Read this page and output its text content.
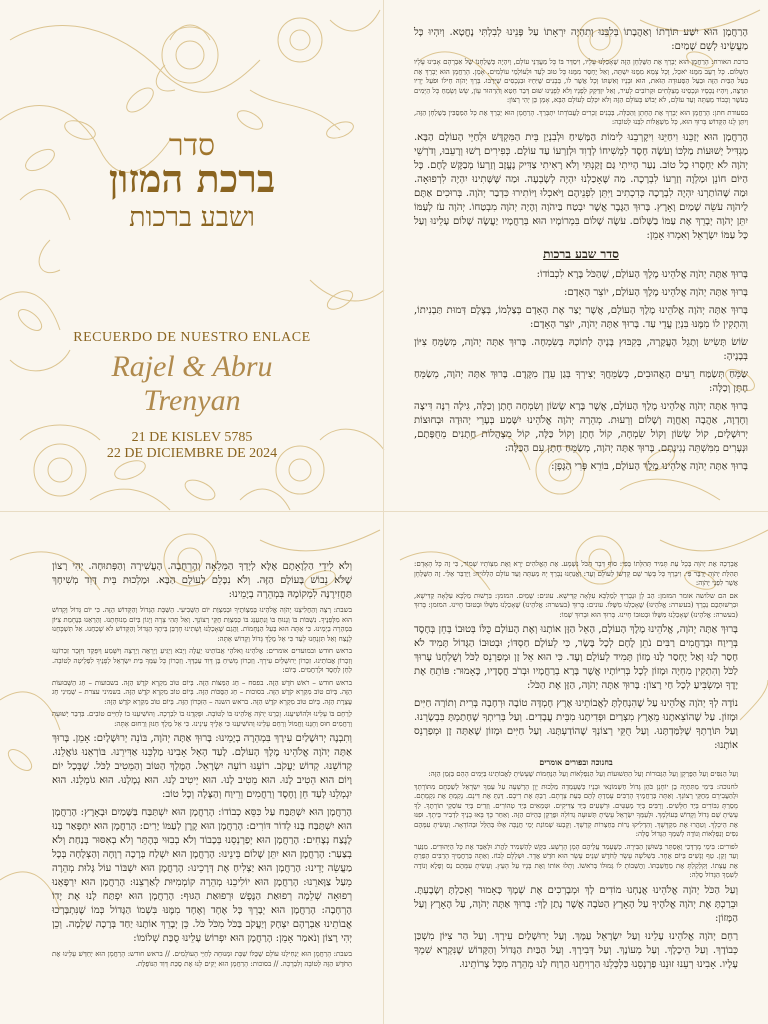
סדר
ברכת המזון
ושבע ברכות
RECUERDO DE NUESTRO ENLACE
Rajel & Abru
Trenyan
21 DE KISLEV 5785
22 DE DICIEMBRE DE 2024

הָרַחֲמָן הוּא יִשַּׁע תּוֹרָתוֹ וְאַהֲבָתוֹ בְּלִבֵּנוּ וְתִהְיֶה יִרְאָתוֹ עַל פָּנֵינוּ לְבִלְתִּי נֶחֱטָא. וְיִהְיוּ כָּל מַעֲשֵׂינוּ לְשֵׁם שָׁמַיִם:

ברכת האורח: הָרַחֲמָן הוּא יְבָרֵךְ אֶת הַשֻּׁלְחָן הַזֶּה שֶׁאָכַלְנוּ עָלָיו, וִיסַדֵּר בּוֹ כָּל מַעֲדַנֵּי עוֹלָם, וְיִהְיֶה כְּשֻׁלְחָנוֹ שֶׁל אַבְרָהָם אָבִינוּ עָלָיו הַשָּׁלוֹם. כָּל רָעֵב מִמֶּנּוּ יֹאכַל, וְכָל צָמֵא מִמֶּנּוּ יִשְׁתֶּה, וְאַל יֶחְסַר מִמֶּנּוּ כָּל טוּב לָעַד וּלְעוֹלְמֵי עוֹלָמִים. אָמֵן. הָרַחֲמָן הוּא יְבָרֵךְ אֶת בַּעַל הַבַּיִת הַזֶּה וּבַעַל הַסְּעוּדָה הַזֹּאת, הוּא וּבָנָיו וְאִשְׁתּוֹ וְכָל אֲשֶׁר לוֹ, בְּבָנִים שֶׁיִּחְיוּ וּבִנְכָסִים שֶׁיִּרְבּוּ. בָּרֵךְ יְהֹוָה חֵילוֹ וּפֹעַל יָדָיו תִּרְצֶה, וְיִהְיוּ נְכָסָיו וּנְכָסֵינוּ מֻצְלָחִים וּקְרוֹבִים לָעִיר, וְאַל יִזְדַּקֵּק לְפָנָיו וְלֹא לְפָנֵינוּ שׁוּם דְּבַר חֵטְא וְהִרְהוּר עָוֹן, שָׂשׂ וְשָׂמֵחַ כָּל הַיָּמִים בְּעֹשֶׁר וְכָבוֹד מֵעַתָּה וְעַד עוֹלָם, לֹא יֵבוֹשׁ בָּעוֹלָם הַזֶּה וְלֹא יִכָּלֵם לָעוֹלָם הַבָּא, אָמֵן כֵּן יְהִי רָצוֹן:

בסעודת חתן: הָרַחֲמָן הוּא יְבָרֵךְ אֶת הֶחָתָן וְהַכַּלָּה, בְּבָנִים זְכָרִים לַעֲבוֹדָתוֹ יִתְבָּרַךְ. הָרַחֲמָן הוּא יְבָרֵךְ אֶת כָּל הַמְּסֻבִּין בְּשֻׁלְחָן הַזֶּה, וְיִתֵּן לָנוּ הַקָּדוֹשׁ בָּרוּךְ הוּא, כָּל מִשְׁאֲלוֹת לִבֵּנוּ לְטוֹבָה:

הָרַחֲמָן הוּא יְזַכֵּנוּ וִיחַיֵּנוּ וִיקָרְבֵנוּ לִימוֹת הַמָּשִׁיחַ וּלְבִנְיַן בֵּית הַמִּקְדָּשׁ וּלְחַיֵּי הָעוֹלָם הַבָּא. מַגְדִּיל יְשׁוּעוֹת מַלְכּוֹ וְעֹשֶׂה חֶסֶד לִמְשִׁיחוֹ לְדָוִד וּלְזַרְעוֹ עַד עוֹלָם. כְּפִירִים רָשׁוּ וְרָעֵבוּ, וְדֹרְשֵׁי יְהֹוָה לֹא יַחְסְרוּ כָל טוֹב. נַעַר הָיִיתִי גַּם זָקַנְתִּי וְלֹא רָאִיתִי צַדִּיק נֶעֱזָב וְזַרְעוֹ מְבַקֶּשׁ לָחֶם. כָּל הַיּוֹם חוֹנֵן וּמַלְוֶה וְזַרְעוֹ לִבְרָכָה. מַה שֶּׁאָכַלְנוּ יִהְיֶה לְשָׂבְעָה. וּמַה שֶּׁשָּׁתִינוּ יִהְיֶה לִרְפוּאָה. וּמַה שֶּׁהוֹתַרְנוּ יִהְיֶה לִבְרָכָה כְּדִכְתִיב וַיִּתֵּן לִפְנֵיהֶם וַיֹּאכְלוּ וַיּוֹתִירוּ כִּדְבַר יְהֹוָה. בְּרוּכִים אַתֶּם לַיהֹוָה עֹשֵׂה שָׁמַיִם וָאָרֶץ. בָּרוּךְ הַגֶּבֶר אֲשֶׁר יִבְטַח בַּיהֹוָה וְהָיָה יְהֹוָה מִבְטַחוֹ. יְהֹוָה עֹז לְעַמּוֹ יִתֵּן יְהֹוָה יְבָרֵךְ אֶת עַמּוֹ בַשָּׁלוֹם. עֹשֶׂה שָׁלוֹם בִּמְרוֹמָיו הוּא בְּרַחֲמָיו יַעֲשֶׂה שָׁלוֹם עָלֵינוּ וְעַל כָּל עַמּוֹ יִשְׂרָאֵל וְאִמְרוּ אָמֵן:

סדר שבע ברכות

בָּרוּךְ אַתָּה יְהֹוָה אֱלֹהֵינוּ מֶלֶךְ הָעוֹלָם, שֶׁהַכֹּל בָּרָא לִכְבוֹדוֹ:

בָּרוּךְ אַתָּה יְהֹוָה אֱלֹהֵינוּ מֶלֶךְ הָעוֹלָם, יוֹצֵר הָאָדָם:

בָּרוּךְ אַתָּה יְהֹוָה אֱלֹהֵינוּ מֶלֶךְ הָעוֹלָם, אֲשֶׁר יָצַר אֶת הָאָדָם בְּצַלְמוֹ, בְּצֶלֶם דְּמוּת תַּבְנִיתוֹ, וְהִתְקִין לוֹ מִמֶּנּוּ בִּנְיַן עֲדֵי עַד. בָּרוּךְ אַתָּה יְהֹוָה, יוֹצֵר הָאָדָם:

שׂוֹשׂ תָּשִׂישׂ וְתָגֵל הָעֲקָרָה, בְּקִבּוּץ בָּנֶיהָ לְתוֹכָהּ בְּשִׂמְחָה. בָּרוּךְ אַתָּה יְהֹוָה, מְשַׂמֵּחַ צִיּוֹן בְּבָנֶיהָ:

שַׂמֵּחַ תְּשַׂמַּח רֵעִים הָאֲהוּבִים, כְּשַׂמֵּחֲךָ יְצִירְךָ בְּגַן עֵדֶן מִקֶּדֶם. בָּרוּךְ אַתָּה יְהֹוָה, מְשַׂמֵּחַ חָתָן וְכַלָּה:

בָּרוּךְ אַתָּה יְהֹוָה אֱלֹהֵינוּ מֶלֶךְ הָעוֹלָם, אֲשֶׁר בָּרָא שָׂשׂוֹן וְשִׂמְחָה חָתָן וְכַלָּה, גִּילָה רִנָּה דִּיצָה וְחֶדְוָה, אַהֲבָה וְאַחֲוָה וְשָׁלוֹם וְרֵעוּת. מְהֵרָה יְהֹוָה אֱלֹהֵינוּ יִשָּׁמַע בְּעָרֵי יְהוּדָה וּבְחוּצוֹת יְרוּשָׁלָיִם, קוֹל שָׂשׂוֹן וְקוֹל שִׂמְחָה, קוֹל חָתָן וְקוֹל כַּלָּה, קוֹל מִצְהֲלוֹת חֲתָנִים מֵחֻפָּתָם, וּנְעָרִים מִמִּשְׁתֵּה נְגִינָתָם. בָּרוּךְ אַתָּה יְהֹוָה, מְשַׂמֵּחַ חָתָן עִם הַכַּלָּה:

בָּרוּךְ אַתָּה יְהֹוָה אֱלֹהֵינוּ מֶלֶךְ הָעוֹלָם, בּוֹרֵא פְּרִי הַגָּפֶן:

וְלֹא לִידֵי הַלְוָאָתָם אֶלָּא לְיָדְךָ הַמְּלֵאָה וְהָרְחָבָה. הָעֲשִׁירָה וְהַפְּתוּחָה. יְהִי רָצוֹן שֶׁלֹּא נֵבוֹשׁ בָּעוֹלָם הַזֶּה. וְלֹא נִכָּלֵם לָעוֹלָם הַבָּא. וּמַלְכוּת בֵּית דָּוִד מְשִׁיחָךְ תַּחֲזִירֶנָּה לִמְקוֹמָהּ בִּמְהֵרָה בְיָמֵינוּ:

בשבת: רְצֵה וְהַחֲלִיצֵנוּ יְהֹוָה אֱלֹהֵינוּ בְּמִצְוֹתֶיךָ וּבְמִצְוַת יוֹם הַשְּׁבִיעִי. הַשַּׁבָּת הַגָּדוֹל וְהַקָּדוֹשׁ הַזֶּה. כִּי יוֹם גָּדוֹל וְקָדוֹשׁ הוּא מִלְּפָנֶיךָ. נִשְׁבּוֹת בּוֹ וְנָנוּחַ בּוֹ וְנִתְעַנֵּג בּוֹ כְּמִצְוַת חֻקֵּי רְצוֹנָךְ. וְאַל תְּהִי צָרָה וְיָגוֹן בְּיוֹם מְנוּחָתֵנוּ. וְהַרְאֵנוּ בְּנֶחָמַת צִיּוֹן בִּמְהֵרָה בְיָמֵינוּ. כִּי אַתָּה הוּא בַּעַל הַנֶּחָמוֹת. וַהֲגַם שֶׁאָכַלְנוּ וְשָׁתִינוּ חָרְבַּן בֵּיתְךָ הַגָּדוֹל וְהַקָּדוֹשׁ לֹא שָׁכַחְנוּ. אַל תִּשְׁכָּחֵנוּ לָנֶצַח וְאַל תִּזְנָחֵנוּ לָעַד כִּי אֵל מֶלֶךְ גָּדוֹל וְקָדוֹשׁ אָתָּה:

בראש חודש ובמועדים אומרים: אֱלֹהֵינוּ וֵאלֹהֵי אֲבוֹתֵינוּ יַעֲלֶה וְיָבֹא וְיַגִּיעַ וְיֵרָאֶה וְיֵרָצֶה וְיִשָּׁמַע וְיִפָּקֵד וְיִזָּכֵר זִכְרוֹנֵנוּ וְזִכְרוֹן אֲבוֹתֵינוּ. זִכְרוֹן יְרוּשָׁלַיִם עִירָךְ. וְזִכְרוֹן מָשִׁיחַ בֶּן דָּוִד עַבְדָּךְ. וְזִכְרוֹן כָּל עַמְּךָ בֵּית יִשְׂרָאֵל לְפָנֶיךָ לִפְלֵיטָה לְטוֹבָה. לְחֵן לְחֶסֶד וּלְרַחֲמִים. בְּיוֹם:

בראש חודש – רֹאשׁ חֹדֶשׁ הַזֶּה. בפסח – חַג הַמַּצּוֹת הַזֶּה. בְּיוֹם טוֹב מִקְרָא קֹדֶשׁ הַזֶּה. בשבועות – חַג הַשָּׁבוּעוֹת הַזֶּה. בְּיוֹם טוֹב מִקְרָא קֹדֶשׁ הַזֶּה. בסוכות – חַג הַסֻּכּוֹת הַזֶּה. בְּיוֹם טוֹב מִקְרָא קֹדֶשׁ הַזֶּה. בשמיני עצרת – שְׁמִינִי חַג עֲצֶרֶת הַזֶּה. בְּיוֹם טוֹב מִקְרָא קֹדֶשׁ הַזֶּה. בראש השנה – הַזִּכָּרוֹן הַזֶּה. בְּיוֹם טוֹב מִקְרָא קֹדֶשׁ הַזֶּה:

לְרַחֵם בּוֹ עָלֵינוּ וּלְהוֹשִׁיעֵנוּ. זָכְרֵנוּ יְהֹוָה אֱלֹהֵינוּ בּוֹ לְטוֹבָה. וּפָקְדֵנוּ בוֹ לִבְרָכָה. וְהוֹשִׁיעֵנוּ בוֹ לְחַיִּים טוֹבִים. בִּדְבַר יְשׁוּעָה וְרַחֲמִים חוּס וְחָנֵּנוּ וַחֲמוֹל וְרַחֵם עָלֵינוּ וְהוֹשִׁיעֵנוּ כִּי אֵלֶיךָ עֵינֵינוּ. כִּי אֵל מֶלֶךְ חַנּוּן וְרַחוּם אָתָּה:

וְתִבְנֶה יְרוּשָׁלַיִם עִירָךְ בִּמְהֵרָה בְיָמֵינוּ: בָּרוּךְ אַתָּה יְהֹוָה, בּוֹנֵה יְרוּשָׁלָיִם: אָמֵן. בָּרוּךְ אַתָּה יְהֹוָה אֱלֹהֵינוּ מֶלֶךְ הָעוֹלָם. לָעַד הָאֵל אָבִינוּ מַלְכֵּנוּ אַדִּירֵנוּ. בּוֹרְאֵנוּ גּוֹאֲלֵנוּ. קְדוֹשֵׁנוּ. קְדוֹשׁ יַעֲקֹב. רוֹעֵנוּ רוֹעֵה יִשְׂרָאֵל. הַמֶּלֶךְ הַטּוֹב וְהַמֵּטִיב לַכֹּל. שֶׁבְּכָל יוֹם וָיוֹם הוּא הֵטִיב לָנוּ. הוּא מֵטִיב לָנוּ. הוּא יֵיטִיב לָנוּ. הוּא גְמָלָנוּ. הוּא גוֹמְלֵנוּ. הוּא יִגְמְלֵנוּ לָעַד חֵן וָחֶסֶד וְרַחֲמִים וְרֵיוַח וְהַצָּלָה וְכָל טוֹב:

הָרַחֲמָן הוּא יִשְׁתַּבַּח עַל כִּסֵּא כְבוֹדוֹ: הָרַחֲמָן הוּא יִשְׁתַּבַּח בַּשָּׁמַיִם וּבָאָרֶץ: הָרַחֲמָן הוּא יִשְׁתַּבַּח בָּנוּ לְדוֹר דּוֹרִים: הָרַחֲמָן הוּא קֶרֶן לְעַמּוֹ יָרִים: הָרַחֲמָן הוּא יִתְפָּאַר בָּנוּ לָנֶצַח נְצָחִים: הָרַחֲמָן הוּא יְפַרְנְסֵנוּ בְּכָבוֹד וְלֹא בְבִזּוּי בְּהֶתֵּר וְלֹא בְאִסּוּר בְּנַחַת וְלֹא בְצַעַר: הָרַחֲמָן הוּא יִתֵּן שָׁלוֹם בֵּינֵינוּ: הָרַחֲמָן הוּא יִשְׁלַח בְּרָכָה רְוָחָה וְהַצְלָחָה בְּכָל מַעֲשֵׂה יָדֵינוּ: הָרַחֲמָן הוּא יַצְלִיחַ אֶת דְּרָכֵינוּ: הָרַחֲמָן הוּא יִשְׁבּוֹר עוֹל גָּלוּת מְהֵרָה מֵעַל צַוָּארֵנוּ: הָרַחֲמָן הוּא יוֹלִיכֵנוּ מְהֵרָה קוֹמְמִיּוּת לְאַרְצֵנוּ: הָרַחֲמָן הוּא יִרְפָּאֵנוּ רְפוּאָה שְׁלֵמָה רְפוּאַת הַנֶּפֶשׁ וּרְפוּאַת הַגּוּף: הָרַחֲמָן הוּא יִפְתַּח לָנוּ אֶת יָדוֹ הָרְחָבָה: הָרַחֲמָן הוּא יְבָרֵךְ כָּל אֶחָד וְאֶחָד מִמֶּנּוּ בִּשְׁמוֹ הַגָּדוֹל כְּמוֹ שֶׁנִּתְבָּרְכוּ אֲבוֹתֵינוּ אַבְרָהָם יִצְחָק וְיַעֲקֹב בַּכֹּל מִכֹּל כֹּל. כֵּן יְבָרֵךְ אוֹתָנוּ יַחַד בְּרָכָה שְׁלֵמָה. וְכֵן יְהִי רָצוֹן וְנֹאמַר אָמֵן: הָרַחֲמָן הוּא יִפְרוֹשׂ עָלֵינוּ סֻכַּת שְׁלוֹמוֹ:

בשבת: הָרַחֲמָן הוּא יַנְחִילֵנוּ עוֹלָם שֶׁכֻּלּוֹ שַׁבָּת וּמְנוּחָה לְחַיֵּי הָעוֹלָמִים. // בראש חודש: הָרַחֲמָן הוּא יְחַדֵּשׁ עָלֵינוּ אֶת הַחֹדֶשׁ הַזֶּה לְטוֹבָה וְלִבְרָכָה. // בסוכות: הָרַחֲמָן הוּא יָקִים לָנוּ אֶת סֻכַּת דָּוִד הַנּוֹפֶלֶת.

אֲבָרְכָה אֶת יְהֹוָה בְּכָל עֵת תָּמִיד תְּהִלָּתוֹ בְּפִי: סוֹף דָּבָר הַכֹּל נִשְׁמָע. אֶת הָאֱלֹהִים יְרָא וְאֶת מִצְוֹתָיו שְׁמוֹר, כִּי זֶה כָּל הָאָדָם: תְּהִלַּת יְהֹוָה יְדַבֶּר פִּי. וִיבָרֵךְ כָּל בָּשָׂר שֵׁם קָדְשׁוֹ לְעוֹלָם וָעֶד: וַאֲנַחְנוּ נְבָרֵךְ יָהּ מֵעַתָּה וְעַד עוֹלָם הַלְלוּיָהּ: וַיְדַבֵּר אֵלַי. זֶה הַשֻּׁלְחָן אֲשֶׁר לִפְנֵי יְהֹוָה:

אם הם שלושה אומר המזמן: הַב לָן וּנְבָרִיךְ לְמַלְכָּא עִלָּאָה קַדִּישָׁא. עונים: שָׁמַיִם. המזמן: בִּרְשׁוּת מַלְכָּא עִלָּאָה קַדִּישָׁא, וּבִרְשׁוּתְכֶם נְבָרֵךְ (בעשרה: אֱלֹהֵינוּ) שֶׁאָכַלְנוּ מִשֶּׁלּוֹ. עונים: בָּרוּךְ (בעשרה: אֱלֹהֵינוּ) שֶׁאָכַלְנוּ מִשֶּׁלּוֹ וּבְטוּבוֹ חָיִינוּ. המזמן: בָּרוּךְ (בעשרה: אֱלֹהֵינוּ) שֶׁאָכַלְנוּ מִשֶּׁלּוֹ וּבְטוּבוֹ חָיִינוּ. בָּרוּךְ הוּא וּבָרוּךְ שְׁמוֹ:

בָּרוּךְ אַתָּה יְהֹוָה, אֱלֹהֵינוּ מֶלֶךְ הָעוֹלָם, הָאֵל הַזָּן אוֹתָנוּ וְאֶת הָעוֹלָם כֻּלּוֹ בְּטוּבוֹ בְּחֵן בְּחֶסֶד בְּרֵיוַח וּבְרַחֲמִים רַבִּים נֹתֵן לֶחֶם לְכָל בָּשָׂר, כִּי לְעוֹלָם חַסְדּוֹ; וּבְטוּבוֹ הַגָּדוֹל תָּמִיד לֹא חָסַר לָנוּ וְאַל יֶחְסַר לָנוּ מָזוֹן תָּמִיד לְעוֹלָם וָעֶד. כִּי הוּא אֵל זָן וּמְפַרְנֵס לַכֹּל וְשֻׁלְחָנוֹ עָרוּךְ לַכֹּל וְהִתְקִין מִחְיָה וּמָזוֹן לְכָל בְּרִיּוֹתָיו אֲשֶׁר בָּרָא בְרַחֲמָיו וּבְרֹב חֲסָדָיו, כָּאָמוּר: פּוֹתֵחַ אֶת יָדֶךָ וּמַשְׂבִּיעַ לְכָל חַי רָצוֹן: בָּרוּךְ אַתָּה יְהֹוָה, הַזָּן אֶת הַכֹּל:

נוֹדֶה לְךָ יְהֹוָה אֱלֹהֵינוּ עַל שֶׁהִנְחַלְתָּ לַאֲבוֹתֵינוּ אֶרֶץ חֶמְדָּה טוֹבָה וּרְחָבָה בְּרִית וְתוֹרָה חַיִּים וּמָזוֹן. עַל שֶׁהוֹצֵאתָנוּ מֵאֶרֶץ מִצְרַיִם וּפְדִיתָנוּ מִבֵּית עֲבָדִים. וְעַל בְּרִיתְךָ שֶׁחָתַמְתָּ בִּבְשָׂרֵנוּ. וְעַל תּוֹרָתְךָ שֶׁלִּמַּדְתָּנוּ. וְעַל חֻקֵּי רְצוֹנְךָ שֶׁהוֹדַעְתָּנוּ. וְעַל חַיִּים וּמָזוֹן שֶׁאַתָּה זָן וּמְפַרְנֵס אוֹתָנוּ:

בחנוכה ובפורים אומרים

וְעַל הַנִּסִּים וְעַל הַפֻּרְקָן וְעַל הַגְּבוּרוֹת וְעַל הַתְּשׁוּעוֹת וְעַל הַנִּפְלָאוֹת וְעַל הַנֶּחָמוֹת שֶׁעָשִׂיתָ לַאֲבוֹתֵינוּ בַּיָּמִים הָהֵם בַּזְּמַן הַזֶּה:

לחנוכה: בִּימֵי מַתִּתְיָה בֶן יוֹחָנָן כֹּהֵן גָּדוֹל חַשְׁמוֹנַאי וּבָנָיו כְּשֶׁעָמְדָה מַלְכוּת יָוָן הָרְשָׁעָה עַל עַמְּךָ יִשְׂרָאֵל לְשַׁכְּחָם מִתּוֹרָתָךְ וּלְהַעֲבִירָם מֵחֻקֵּי רְצוֹנָךְ. וְאַתָּה בְּרַחֲמֶיךָ הָרַבִּים עָמַדְתָּ לָהֶם בְּעֵת צָרָתָם. רַבְתָּ אֶת רִיבָם. דַּנְתָּ אֶת דִּינָם. נָקַמְתָּ אֶת נִקְמָתָם. מָסַרְתָּ גִבּוֹרִים בְּיַד חַלָּשִׁים. וְרַבִּים בְּיַד מְעַטִּים. וּרְשָׁעִים בְּיַד צַדִּיקִים. וּטְמֵאִים בְּיַד טְהוֹרִים. וְזֵדִים בְּיַד עוֹסְקֵי תוֹרָתֶךָ. לְךָ עָשִׂיתָ שֵׁם גָּדוֹל וְקָדוֹשׁ בְּעוֹלָמָךְ. וּלְעַמְּךָ יִשְׂרָאֵל עָשִׂיתָ תְּשׁוּעָה גְדוֹלָה וּפֻרְקָן כְּהַיּוֹם הַזֶּה. וְאַחַר כָּךְ בָּאוּ בָנֶיךָ לִדְבִיר בֵּיתָךְ. וּפִנּוּ אֶת הֵיכָלָךְ. וְטִהֲרוּ אֶת מִקְדָּשָׁךְ. וְהִדְלִיקוּ נֵרוֹת בְּחַצְרוֹת קָדְשָׁךְ. וְקָבְעוּ שְׁמוֹנַת יְמֵי חֲנֻכָּה אֵלּוּ בְּהַלֵּל וּבְהוֹדָאָה. וְעָשִׂיתָ עִמָּהֶם נִסִּים וְנִפְלָאוֹת וְנוֹדֶה לְשִׁמְךָ הַגָּדוֹל סֶלָה:

לפורים: בִּימֵי מָרְדְּכַי וְאֶסְתֵּר בְּשׁוּשַׁן הַבִּירָה. כְּשֶׁעָמַד עֲלֵיהֶם הָמָן הָרָשָׁע. בִּקֵּשׁ לְהַשְׁמִיד לַהֲרֹג וּלְאַבֵּד אֶת כָּל הַיְּהוּדִים. מִנַּעַר וְעַד זָקֵן. טַף וְנָשִׁים בְּיוֹם אֶחָד. בִּשְׁלֹשָׁה עָשָׂר לְחֹדֶשׁ שְׁנֵים עָשָׂר הוּא חֹדֶשׁ אֲדָר. וּשְׁלָלָם לָבוֹז. וְאַתָּה בְּרַחֲמֶיךָ הָרַבִּים הֵפַרְתָּ אֶת עֲצָתוֹ. וְקִלְקַלְתָּ אֶת מַחֲשַׁבְתּוֹ. וַהֲשֵׁבוֹתָ לוֹ גְּמוּלוֹ בְּרֹאשׁוֹ. וְתָלוּ אוֹתוֹ וְאֶת בָּנָיו עַל הָעֵץ. וְעָשִׂיתָ עִמָּהֶם נֵס וָפֶלֶא וְנוֹדֶה לְשִׁמְךָ הַגָּדוֹל סֶלָה:

וְעַל הַכֹּל יְהֹוָה אֱלֹהֵינוּ אֲנַחְנוּ מוֹדִים לָךְ וּמְבָרְכִים אֶת שְׁמָךְ כָּאָמוּר וְאָכַלְתָּ וְשָׂבָעְתָּ. וּבֵרַכְתָּ אֶת יְהֹוָה אֱלֹהֶיךָ עַל הָאָרֶץ הַטֹּבָה אֲשֶׁר נָתַן לָךְ: בָּרוּךְ אַתָּה יְהֹוָה, עַל הָאָרֶץ וְעַל הַמָּזוֹן:

רַחֵם יְהֹוָה אֱלֹהֵינוּ עָלֵינוּ וְעַל יִשְׂרָאֵל עַמָּךְ. וְעַל יְרוּשָׁלַיִם עִירָךְ. וְעַל הַר צִיּוֹן מִשְׁכַּן כְּבוֹדָךְ. וְעַל הֵיכָלָךְ. וְעַל מְעוֹנָךְ. וְעַל דְּבִירָךְ. וְעַל הַבַּיִת הַגָּדוֹל וְהַקָּדוֹשׁ שֶׁנִּקְרָא שִׁמְךָ עָלָיו. אָבִינוּ רְעֵנוּ זוּנֵנוּ פַרְנְסֵנוּ כַּלְכְּלֵנוּ הַרְוִיחֵנוּ הַרְוַח לָנוּ מְהֵרָה מִכָּל צָרוֹתֵינוּ.
